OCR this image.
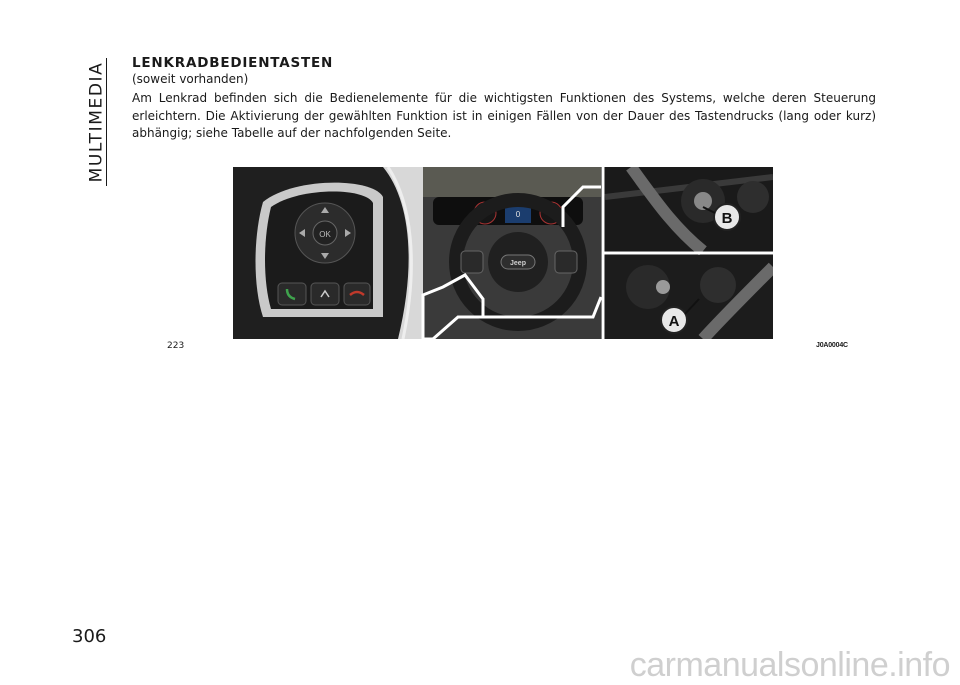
MULTIMEDIA LENKRADBEDIENTASTEN
(soweit vorhanden)
Am Lenkrad befinden sich die Bedienelemente für die wichtigsten Funktionen des Systems, welche deren Steuerung erleichtern. Die Aktivierung der gewählten Funktion ist in einigen Fällen von der Dauer des Tastendrucks (lang oder kurz) abhängig; siehe Tabelle auf der nachfolgenden Seite.
OK
0
Jeep
B
A
223	J0A0004C
306
carmanualsonline.info
